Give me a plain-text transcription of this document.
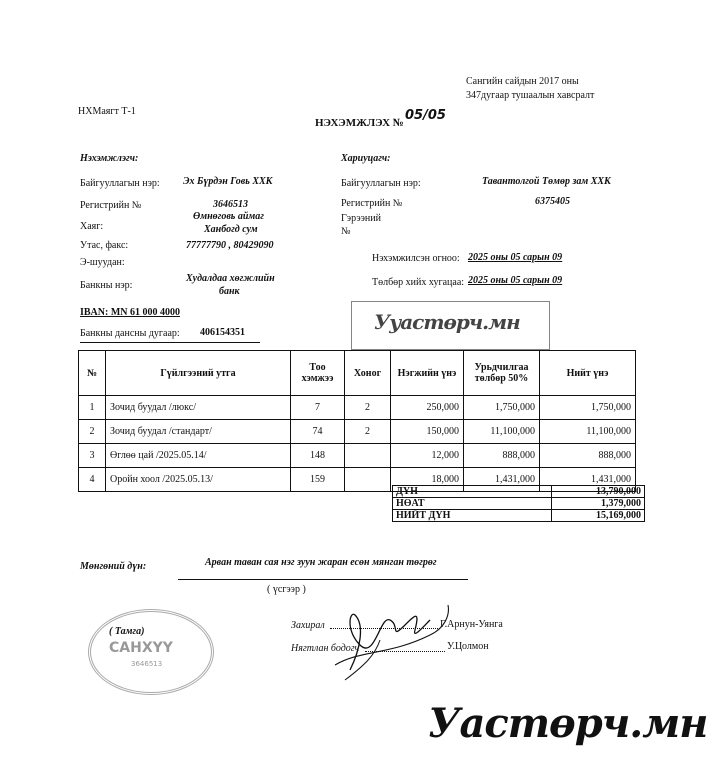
Сангийн сайдын 2017 оны
347дугаар тушаалын хавсралт
НХМаягт Т-1
НЭХЭМЖЛЭХ № 05/05
Нэхэмжлэгч:
Байгууллагын нэр: Эх Бүрдэн Говь ХХК
Регистрийн №	3646513
Хаяг:
Өмнөговь аймаг
Ханбогд сум
Утас, факс:	77777790 , 80429090
Э-шуудан:
Банкны нэр:
Худалдаа хөгжлийн
банк
IBAN: MN 61 000 4000
Банкны дансны дугаар: 406154351
Хариуцагч:
Байгууллагын нэр:	Тавантолгой Төмөр зам ХХК
Регистрийн №	6375405
Гэрээний
№
Нэхэмжилсэн огноо: 2025 оны 05 сарын 09
Төлбөр хийх хугацаа: 2025 оны 05 сарын 09
Ууастөрч.мн
№	Гүйлгээний утга	Тоо
хэмжээ	Хоног	Нэгжийн үнэ	Урьдчилгаа
төлбөр 50%	Нийт үнэ
1	Зочид буудал /люкс/	7	2	250,000	1,750,000	1,750,000
2	Зочид буудал /стандарт/	74	2	150,000	11,100,000	11,100,000
3	Өглөө цай /2025.05.14/	148		12,000	888,000	888,000
4	Оройн хоол /2025.05.13/	159		18,000	1,431,000	1,431,000
ДҮН	13,790,000
НӨАТ	1,379,000
НИЙТ ДҮН	15,169,000
Мөнгөний дүн:	Арван таван сая нэг зуун жаран есөн мянган төгрөг
( үсгээр )
САНХҮҮ
3646513
( Тамга)
Захирал	Г.Арнун-Уянга
Нягтлан бодогч	У.Цолмон
Уастөрч.мн
